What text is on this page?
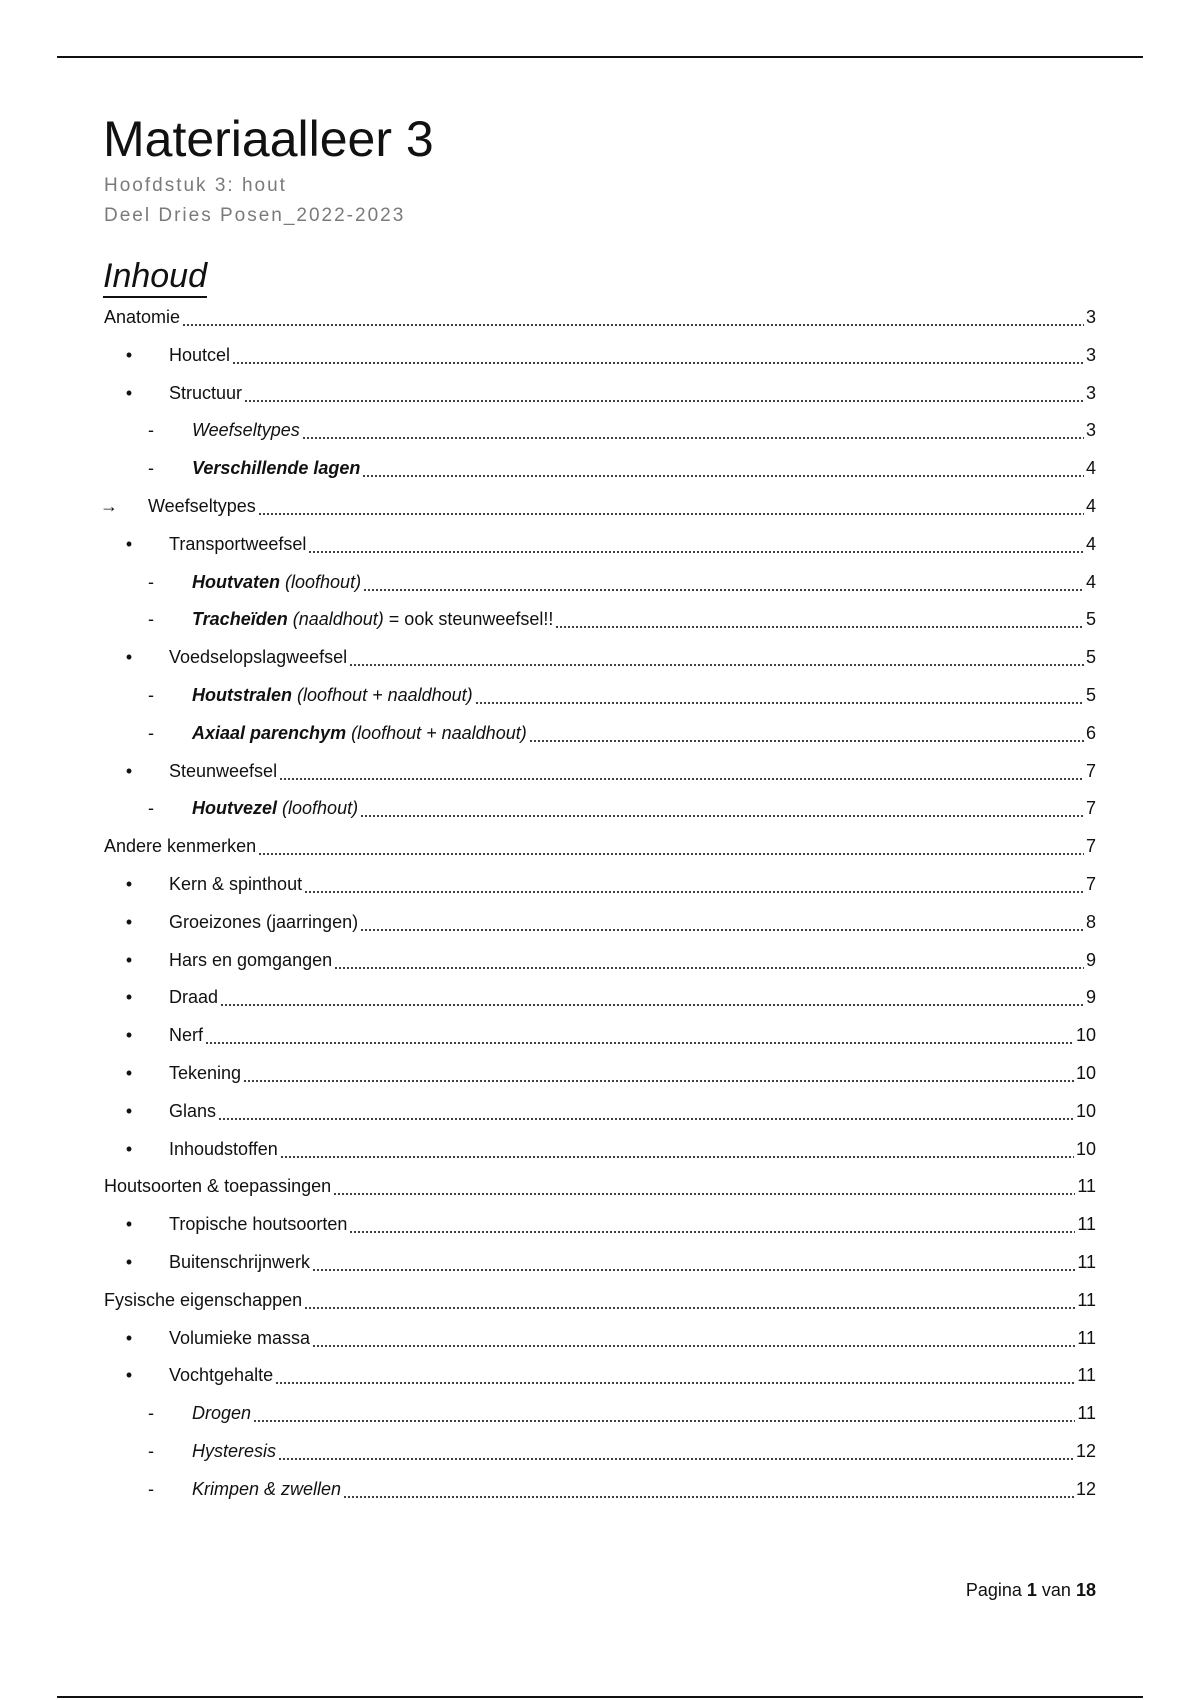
Materiaalleer 3
Hoofdstuk 3: hout
Deel Dries Posen_2022-2023
Inhoud
Anatomie	3
•	Houtcel	3
•	Structuur	3
-	Weefseltypes	3
-	Verschillende lagen	4
→	Weefseltypes	4
•	Transportweefsel	4
-	Houtvaten (loofhout)	4
-	Tracheïden (naaldhout) = ook steunweefsel!!	5
•	Voedselopslagweefsel	5
-	Houtstralen (loofhout + naaldhout)	5
-	Axiaal parenchym (loofhout + naaldhout)	6
•	Steunweefsel	7
-	Houtvezel (loofhout)	7
Andere kenmerken	7
•	Kern & spinthout	7
•	Groeizones (jaarringen)	8
•	Hars en gomgangen	9
•	Draad	9
•	Nerf	10
•	Tekening	10
•	Glans	10
•	Inhoudstoffen	10
Houtsoorten & toepassingen	11
•	Tropische houtsoorten	11
•	Buitenschrijnwerk	11
Fysische eigenschappen	11
•	Volumieke massa	11
•	Vochtgehalte	11
-	Drogen	11
-	Hysteresis	12
-	Krimpen & zwellen	12
Pagina 1 van 18
